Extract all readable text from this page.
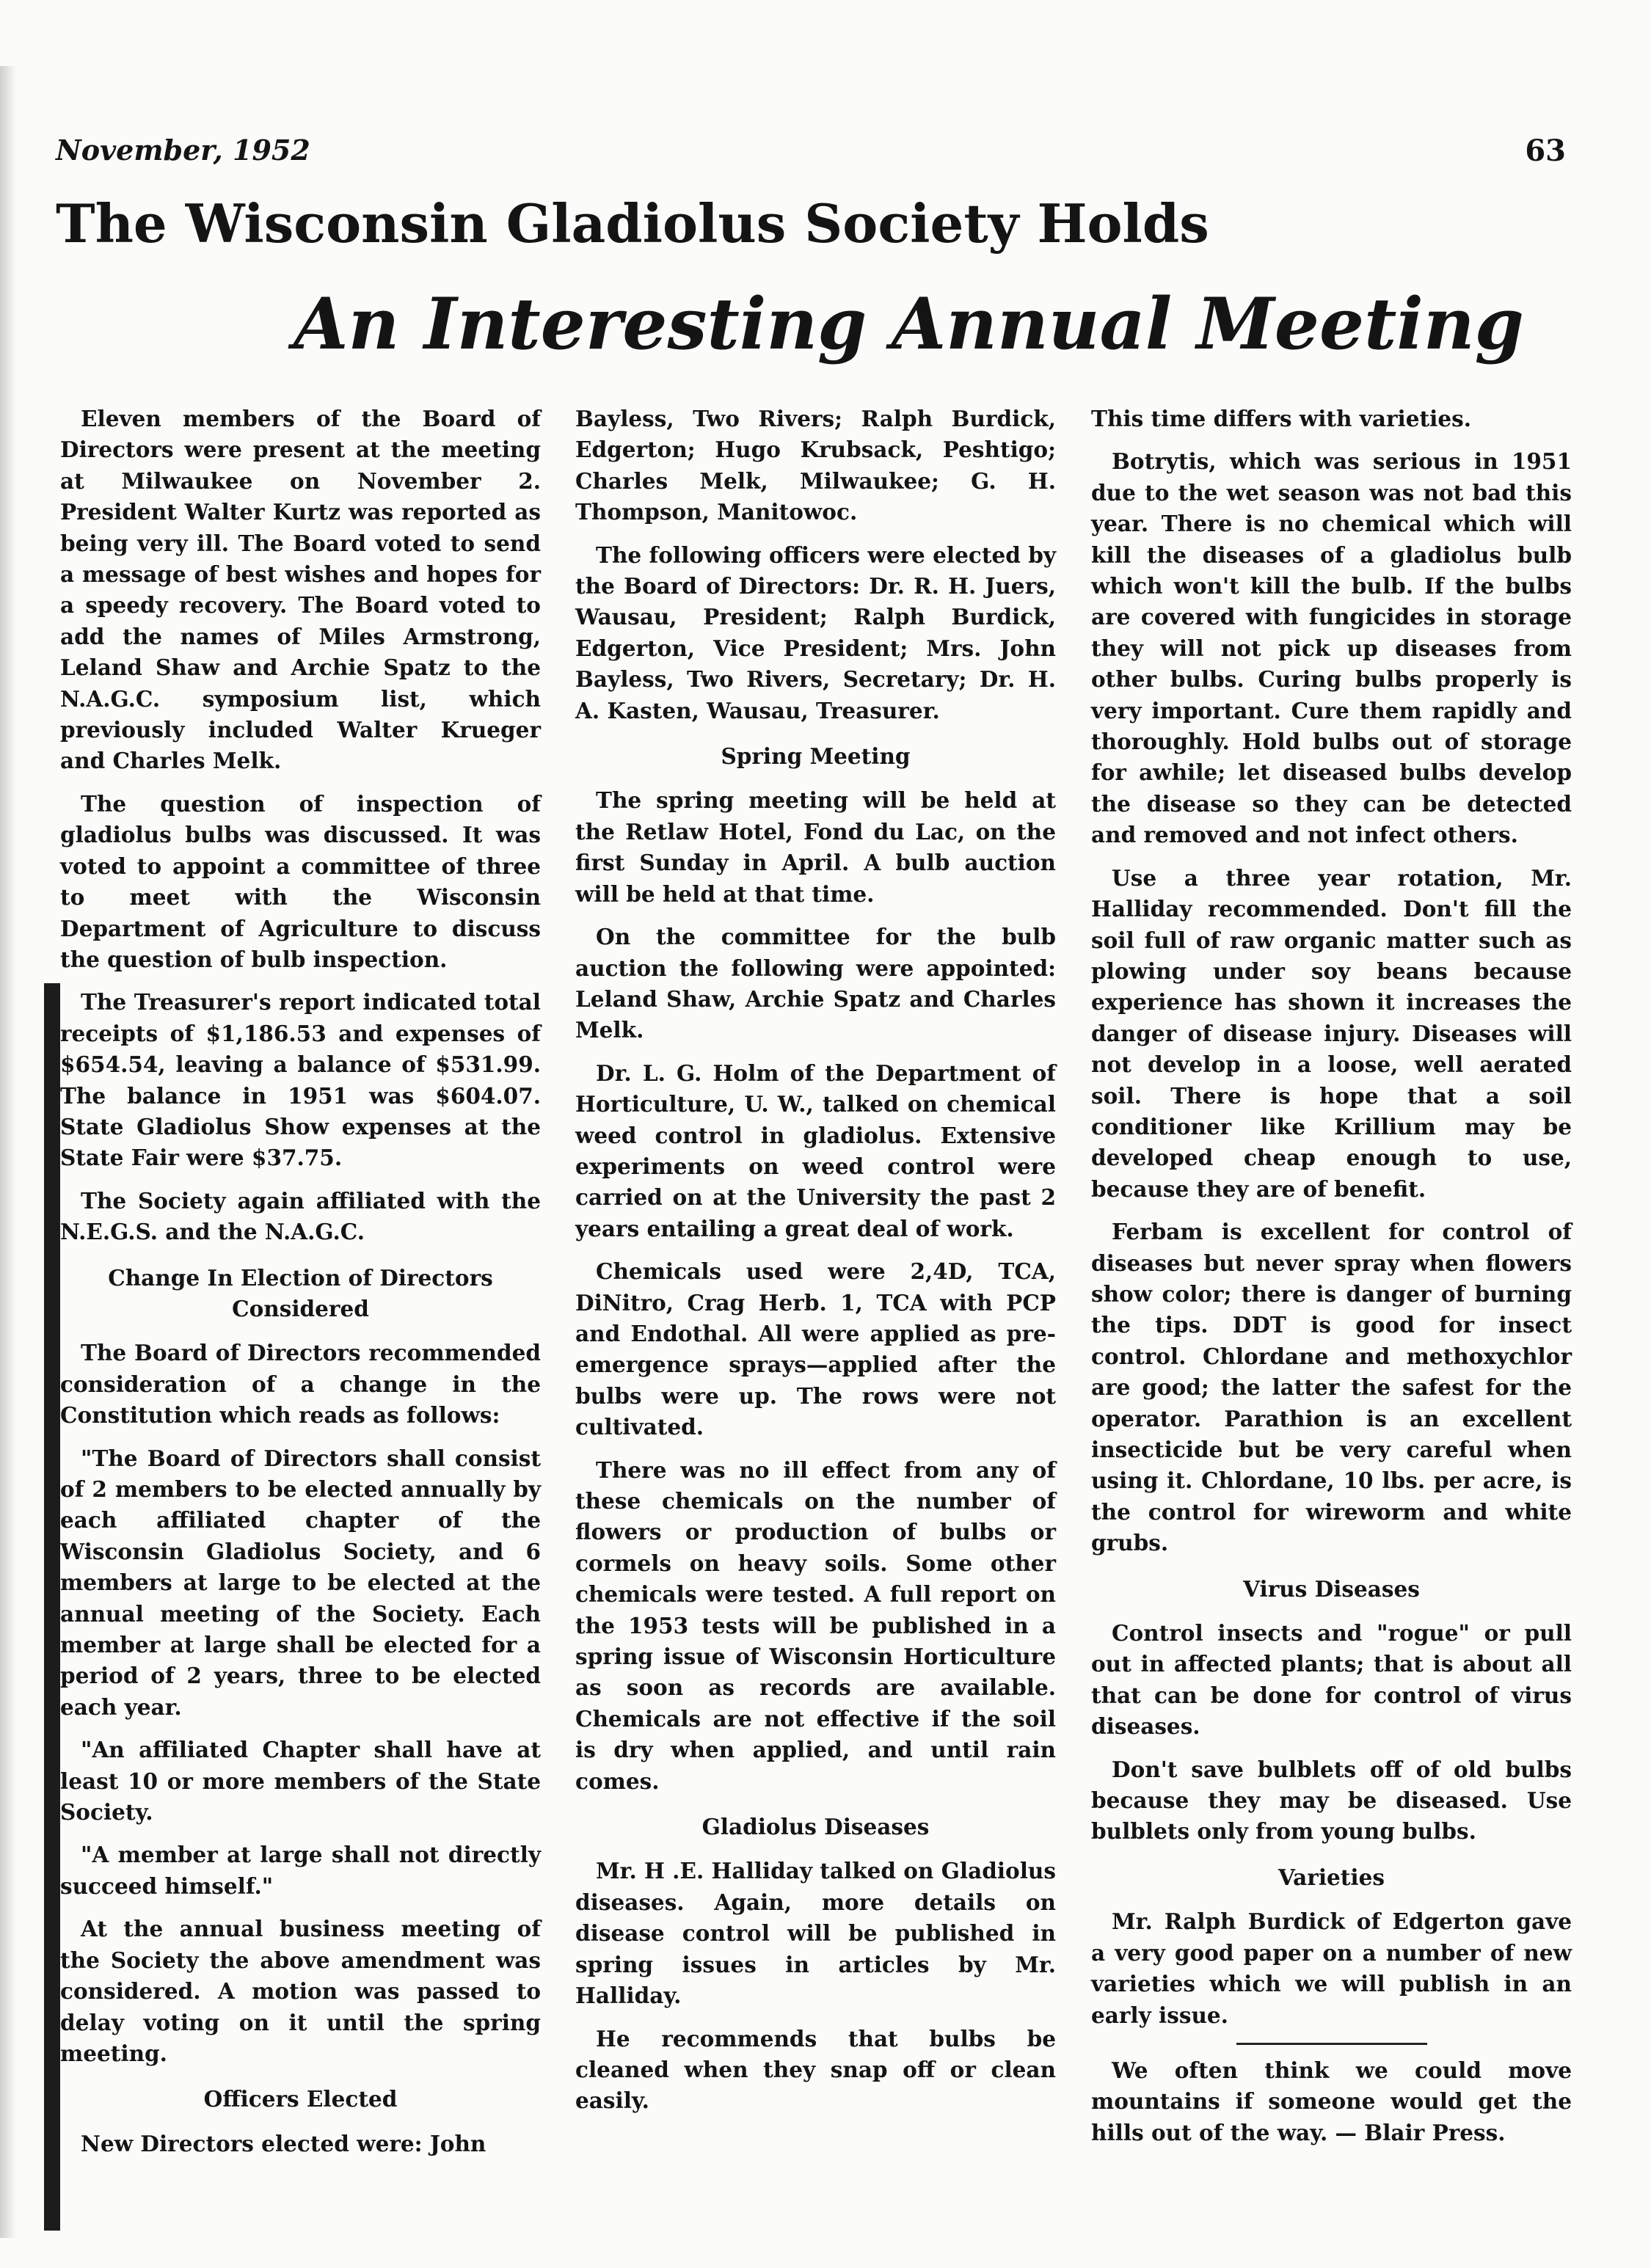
November, 1952	63
The Wisconsin Gladiolus Society Holds
An Interesting Annual Meeting

Eleven members of the Board of Directors were present at the meeting at Milwaukee on November 2. President Walter Kurtz was reported as being very ill. The Board voted to send a message of best wishes and hopes for a speedy recovery. The Board voted to add the names of Miles Armstrong, Leland Shaw and Archie Spatz to the N.A.G.C. symposium list, which previously included Walter Krueger and Charles Melk.

The question of inspection of gladiolus bulbs was discussed. It was voted to appoint a committee of three to meet with the Wisconsin Department of Agriculture to discuss the question of bulb inspection.

The Treasurer's report indicated total receipts of $1,186.53 and expenses of $654.54, leaving a balance of $531.99. The balance in 1951 was $604.07. State Gladiolus Show expenses at the State Fair were $37.75.

The Society again affiliated with the N.E.G.S. and the N.A.G.C.

Change In Election of Directors Considered

The Board of Directors recommended consideration of a change in the Constitution which reads as follows:

"The Board of Directors shall consist of 2 members to be elected annually by each affiliated chapter of the Wisconsin Gladiolus Society, and 6 members at large to be elected at the annual meeting of the Society. Each member at large shall be elected for a period of 2 years, three to be elected each year.

"An affiliated Chapter shall have at least 10 or more members of the State Society.

"A member at large shall not directly succeed himself."

At the annual business meeting of the Society the above amendment was considered. A motion was passed to delay voting on it until the spring meeting.

Officers Elected

New Directors elected were: John

Bayless, Two Rivers; Ralph Burdick, Edgerton; Hugo Krubsack, Peshtigo; Charles Melk, Milwaukee; G. H. Thompson, Manitowoc.

The following officers were elected by the Board of Directors: Dr. R. H. Juers, Wausau, President; Ralph Burdick, Edgerton, Vice President; Mrs. John Bayless, Two Rivers, Secretary; Dr. H. A. Kasten, Wausau, Treasurer.

Spring Meeting

The spring meeting will be held at the Retlaw Hotel, Fond du Lac, on the first Sunday in April. A bulb auction will be held at that time.

On the committee for the bulb auction the following were appointed: Leland Shaw, Archie Spatz and Charles Melk.

Dr. L. G. Holm of the Department of Horticulture, U. W., talked on chemical weed control in gladiolus. Extensive experiments on weed control were carried on at the University the past 2 years entailing a great deal of work.

Chemicals used were 2,4D, TCA, DiNitro, Crag Herb. 1, TCA with PCP and Endothal. All were applied as pre-emergence sprays—applied after the bulbs were up. The rows were not cultivated.

There was no ill effect from any of these chemicals on the number of flowers or production of bulbs or cormels on heavy soils. Some other chemicals were tested. A full report on the 1953 tests will be published in a spring issue of Wisconsin Horticulture as soon as records are available. Chemicals are not effective if the soil is dry when applied, and until rain comes.

Gladiolus Diseases

Mr. H .E. Halliday talked on Gladiolus diseases. Again, more details on disease control will be published in spring issues in articles by Mr. Halliday.

He recommends that bulbs be cleaned when they snap off or clean easily.

This time differs with varieties.

Botrytis, which was serious in 1951 due to the wet season was not bad this year. There is no chemical which will kill the diseases of a gladiolus bulb which won't kill the bulb. If the bulbs are covered with fungicides in storage they will not pick up diseases from other bulbs. Curing bulbs properly is very important. Cure them rapidly and thoroughly. Hold bulbs out of storage for awhile; let diseased bulbs develop the disease so they can be detected and removed and not infect others.

Use a three year rotation, Mr. Halliday recommended. Don't fill the soil full of raw organic matter such as plowing under soy beans because experience has shown it increases the danger of disease injury. Diseases will not develop in a loose, well aerated soil. There is hope that a soil conditioner like Krillium may be developed cheap enough to use, because they are of benefit.

Ferbam is excellent for control of diseases but never spray when flowers show color; there is danger of burning the tips. DDT is good for insect control. Chlordane and methoxychlor are good; the latter the safest for the operator. Parathion is an excellent insecticide but be very careful when using it. Chlordane, 10 lbs. per acre, is the control for wireworm and white grubs.

Virus Diseases

Control insects and "rogue" or pull out in affected plants; that is about all that can be done for control of virus diseases.

Don't save bulblets off of old bulbs because they may be diseased. Use bulblets only from young bulbs.

Varieties

Mr. Ralph Burdick of Edgerton gave a very good paper on a number of new varieties which we will publish in an early issue.

We often think we could move mountains if someone would get the hills out of the way. — Blair Press.
